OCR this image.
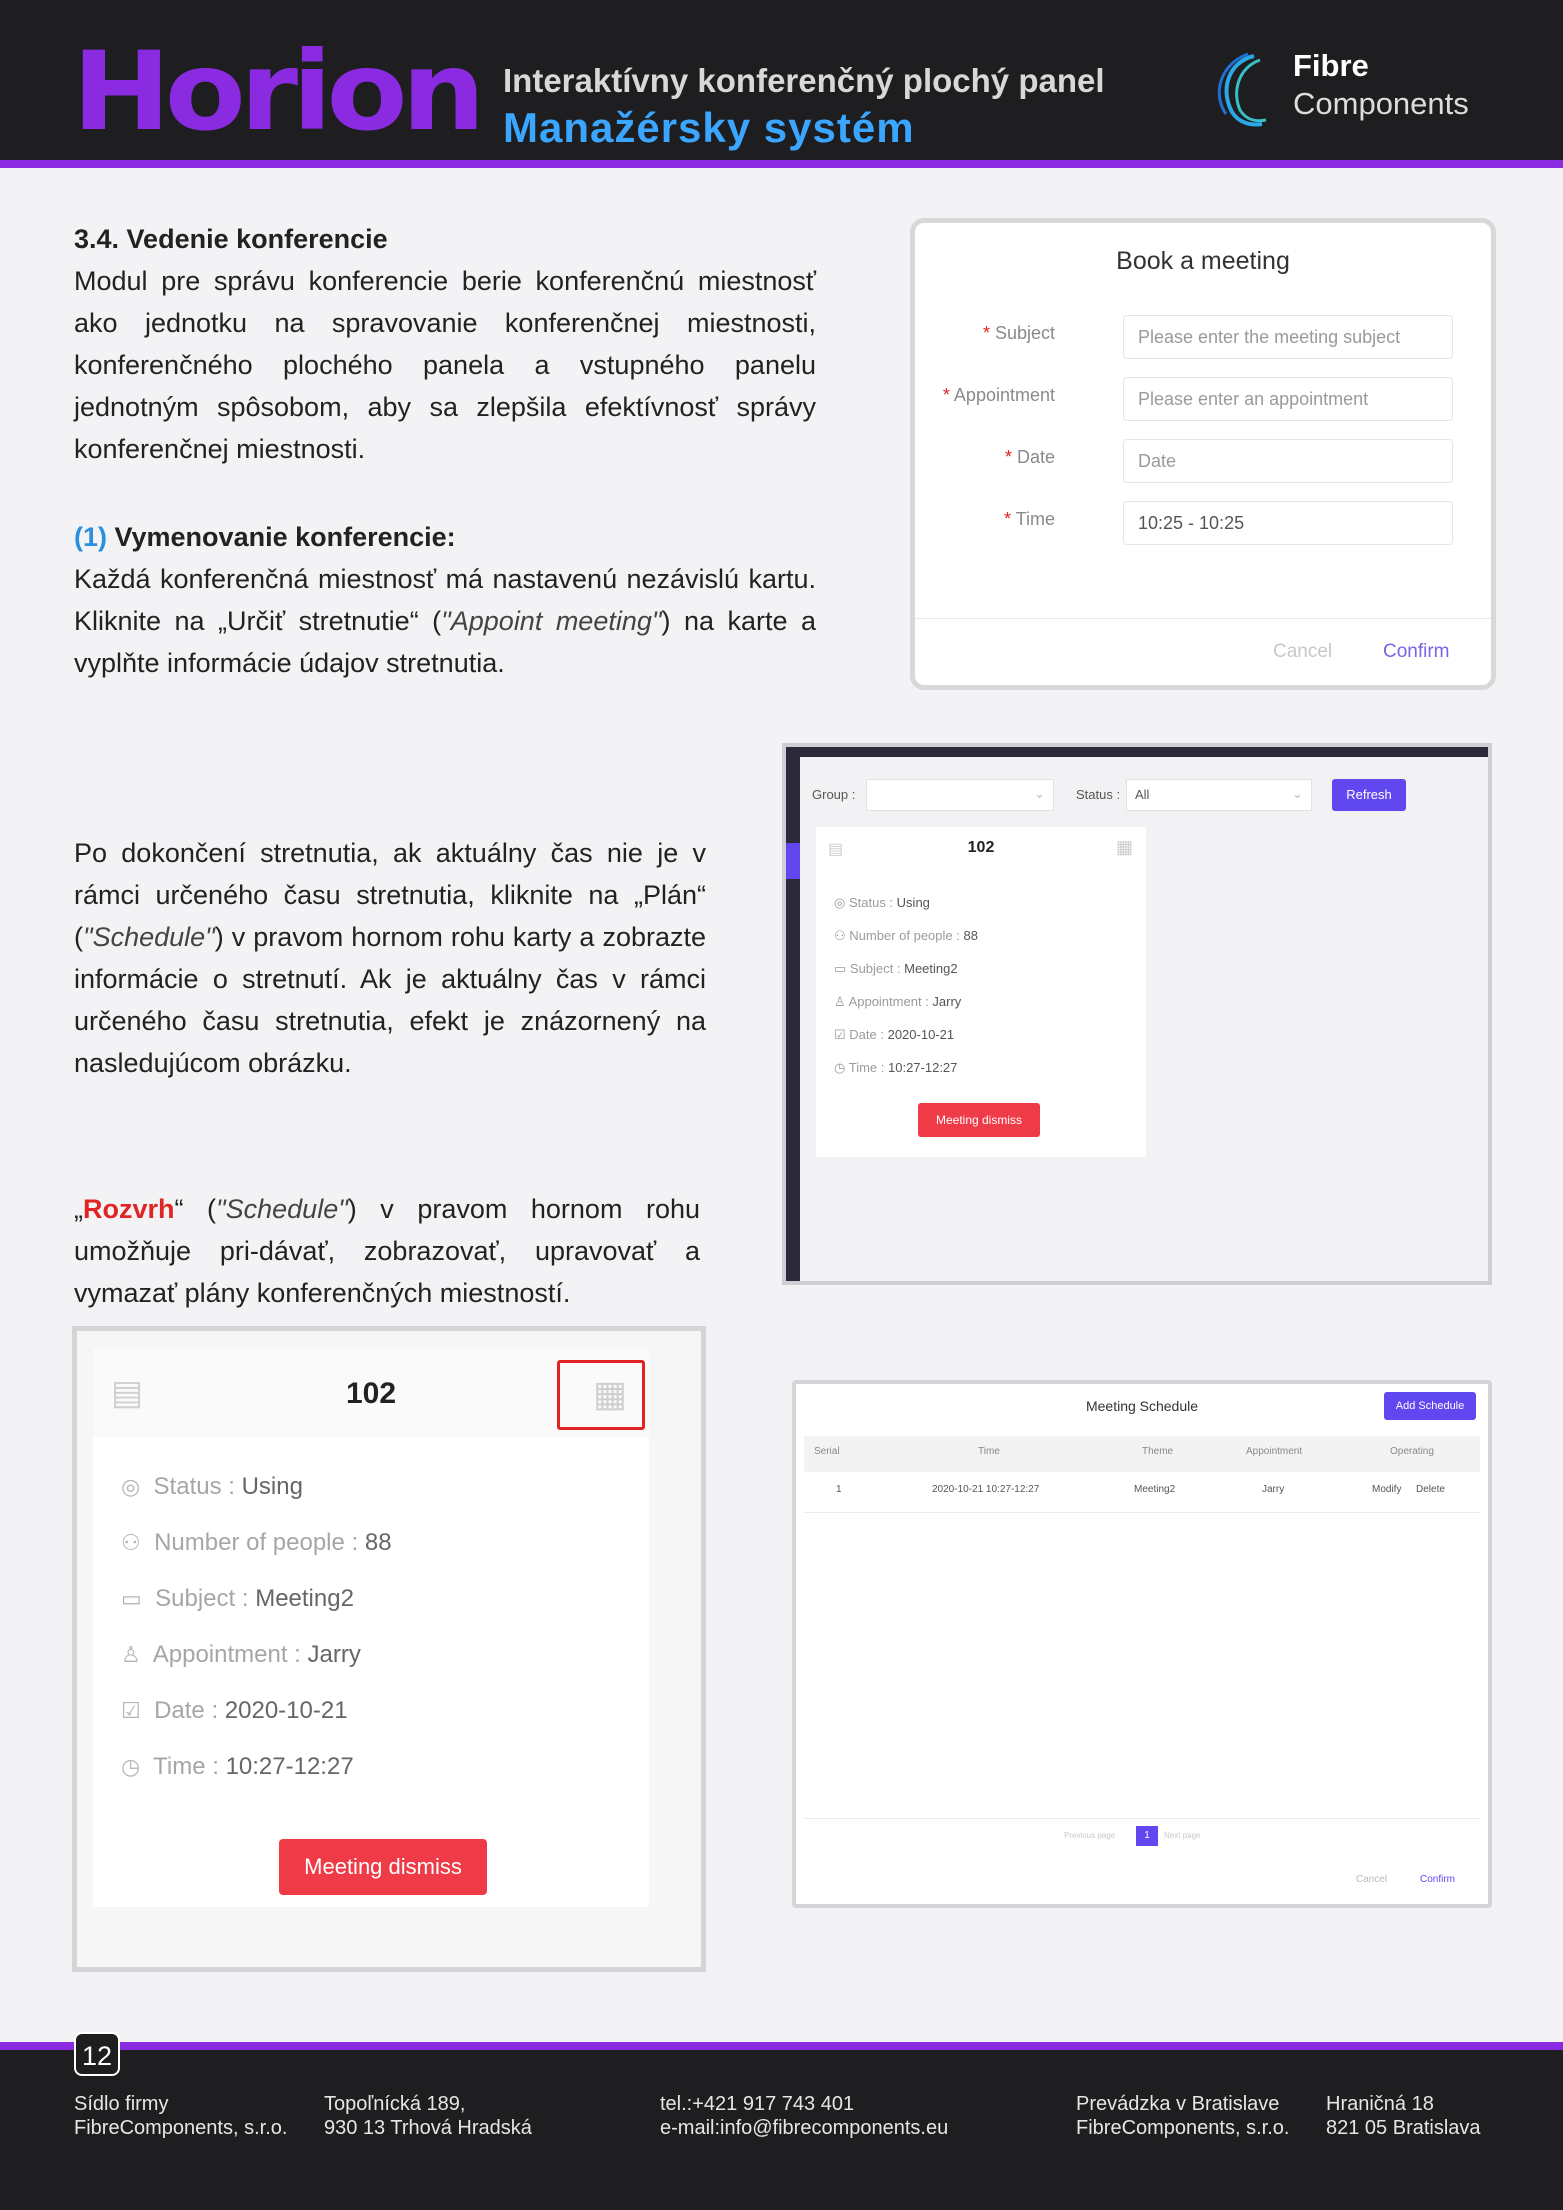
Horion Interaktívny konferenčný plochý panel
Manažérsky systém
Fibre
Components
3.4. Vedenie konferencie
Modul pre správu konferencie berie konferenčnú miestnosť ako jednotku na spravovanie konferenčnej miestnosti, konferenčného plochého panela a vstupného panelu jednotným spôsobom, aby sa zlepšila efektívnosť správy konferenčnej miestnosti.
(1) Vymenovanie konferencie:
Každá konferenčná miestnosť má nastavenú nezávislú kartu. Kliknite na „Určiť stretnutie“ ("Appoint meeting") na karte a vyplňte informácie údajov stretnutia.
Po dokončení stretnutia, ak aktuálny čas nie je v rámci určeného času stretnutia, kliknite na „Plán“ ("Schedule") v pravom hornom rohu karty a zobrazte informácie o stretnutí. Ak je aktuálny čas v rámci určeného času stretnutia, efekt je znázornený na nasledujúcom obrázku.
„Rozvrh“ ("Schedule") v pravom hornom rohu umožňuje pri-dávať, zobrazovať, upravovať a vymazať plány konferenčných miestností.
Book a meeting
* Subject	Please enter the meeting subject
* Appointment	Please enter an appointment
* Date	Date
* Time	10:25 - 10:25
Cancel	Confirm
Group :	⌄ Status : All	⌄	Refresh
▤	102	▦
◎ Status : Using
⚇ Number of people : 88
▭ Subject : Meeting2
♙ Appointment : Jarry
☑ Date : 2020-10-21
◷ Time : 10:27-12:27
Meeting dismiss
▤	102	▦
◎ Status : Using
⚇ Number of people : 88
▭ Subject : Meeting2
♙ Appointment : Jarry
☑ Date : 2020-10-21
◷ Time : 10:27-12:27
Meeting dismiss
Meeting Schedule	Add Schedule
Serial	Time	Theme	Appointment	Operating
1	2020-10-21 10:27-12:27	Meeting2	Jarry	Modify Delete
Previous page	1	Next page
Cancel	Confirm
12
Sídlo firmy
FibreComponents, s.r.o.
Topoľnícká 189,
930 13 Trhová Hradská
tel.:+421 917 743 401
e-mail:info@fibrecomponents.eu
Prevádzka v Bratislave
FibreComponents, s.r.o.
Hraničná 18
821 05 Bratislava
